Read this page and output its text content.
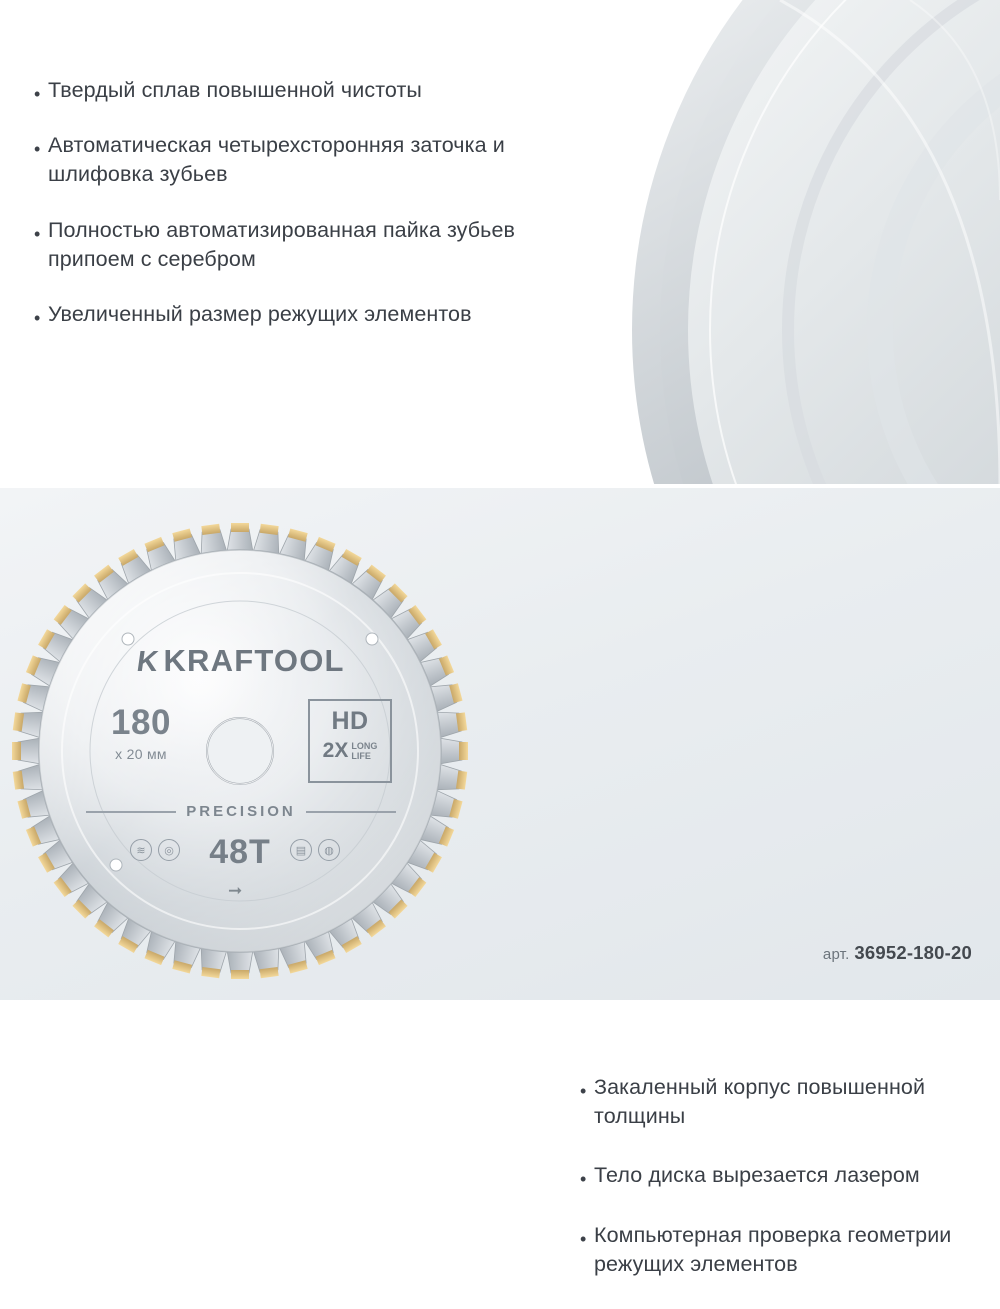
•
Твердый сплав повышенной чистоты
•
Автоматическая четырехсторонняя заточка и шлифовка зубьев
•
Полностью автоматизированная пайка зубьев припоем с серебром
•
Увеличенный размер режущих элементов
KKRAFTOOL
180
x 20 мм
HD
2X LONG
LIFE
PRECISION
48T
≋	◎	▤	◍
➞
•
Закаленный корпус повышенной толщины
•
Тело диска вырезается лазером
•
Компьютерная проверка геометрии режущих элементов
арт. 36952-180-20
